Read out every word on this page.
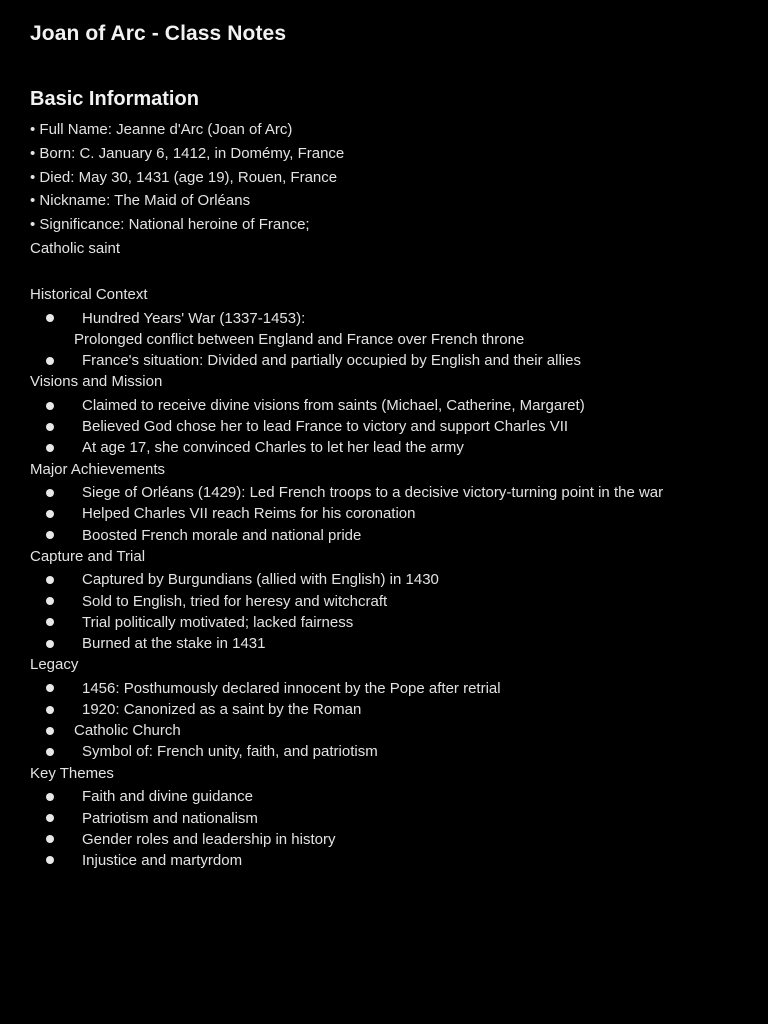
Joan of Arc - Class Notes
Basic Information
• Full Name: Jeanne d'Arc (Joan of Arc)
• Born: C. January 6, 1412, in Domémy, France
• Died: May 30, 1431 (age 19), Rouen, France
• Nickname: The Maid of Orléans
• Significance: National heroine of France;
Catholic saint
Historical Context
Hundred Years' War (1337-1453):
Prolonged conflict between England and France over French throne
France's situation: Divided and partially occupied by English and their allies
Visions and Mission
Claimed to receive divine visions from saints (Michael, Catherine, Margaret)
Believed God chose her to lead France to victory and support Charles VII
At age 17, she convinced Charles to let her lead the army
Major Achievements
Siege of Orléans (1429): Led French troops to a decisive victory-turning point in the war
Helped Charles VII reach Reims for his coronation
Boosted French morale and national pride
Capture and Trial
Captured by Burgundians (allied with English) in 1430
Sold to English, tried for heresy and witchcraft
Trial politically motivated; lacked fairness
Burned at the stake in 1431
Legacy
1456: Posthumously declared innocent by the Pope after retrial
1920: Canonized as a saint by the Roman
Catholic Church
Symbol of: French unity, faith, and patriotism
Key Themes
Faith and divine guidance
Patriotism and nationalism
Gender roles and leadership in history
Injustice and martyrdom
